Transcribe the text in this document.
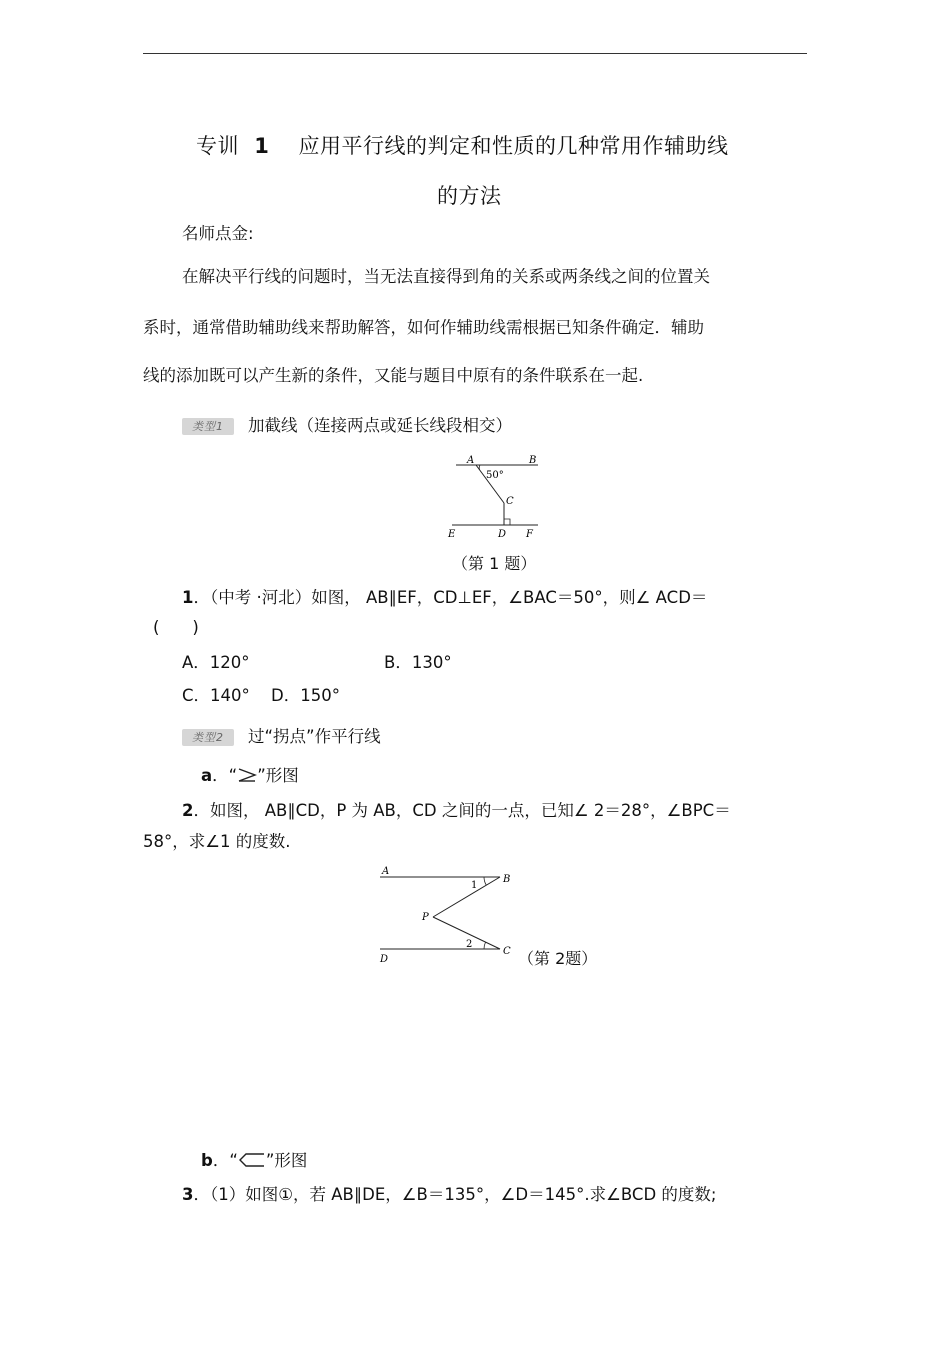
专训 1 应用平行线的判定和性质的几种常用作辅助线
的方法
名师点金:
在解决平行线的问题时，当无法直接得到角的关系或两条线之间的位置关
系时，通常借助辅助线来帮助解答，如何作辅助线需根据已知条件确定．辅助
线的添加既可以产生新的条件，又能与题目中原有的条件联系在一起.
类型1 加截线（连接两点或延长线段相交）
A	B
50°
C
E	D F
（第 1 题）
1．（中考 ·河北）如图， AB∥EF，CD⊥EF，∠BAC＝50°，则∠ ACD＝
(　　)
A．120°	B．130°
C．140° D．150°
类型2 过“拐点”作平行线
a．“ ”形图
2．如图， AB∥CD，P 为 AB，CD 之间的一点，已知∠ 2＝28°，∠BPC＝
58°，求∠1 的度数.
A
B
1
P
2
C
D	（第 2题）
b．“ ”形图
3．（1）如图①，若 AB∥DE，∠B＝135°，∠D＝145°.求∠BCD 的度数;
